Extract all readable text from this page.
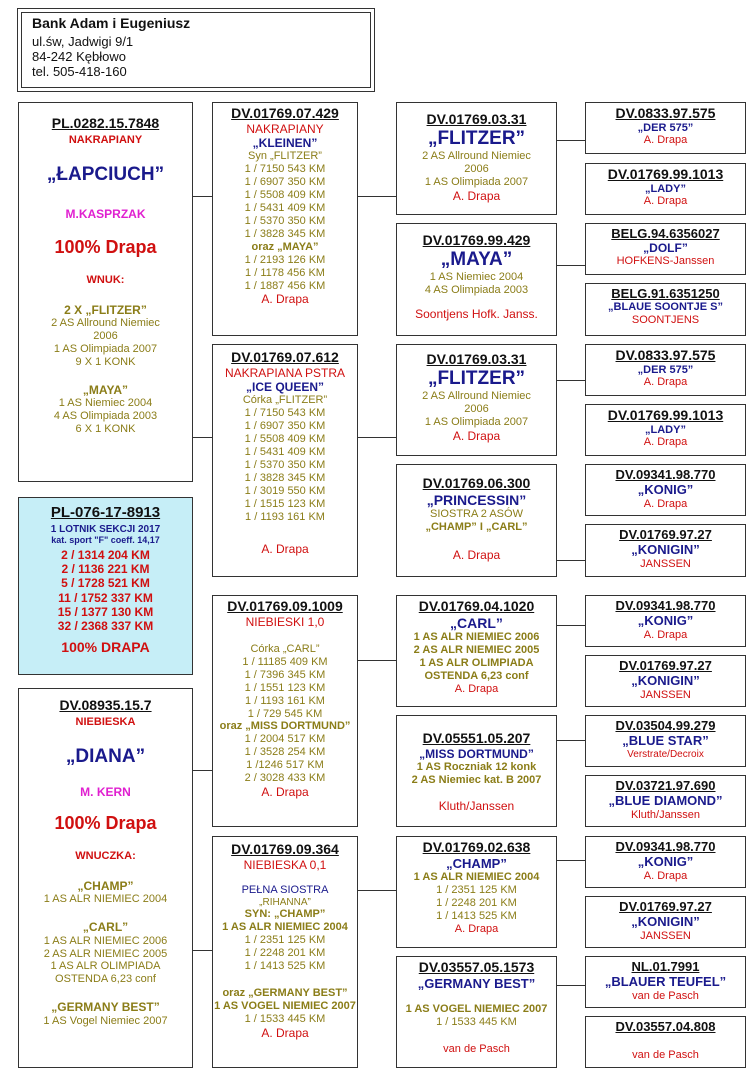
Bank Adam i Eugeniusz
ul.św, Jadwigi 9/1
84-242 Kębłowo
tel. 505-418-160
PL.0282.15.7848
NAKRAPIANY
„ŁAPCIUCH”
M.KASPRZAK
100% Drapa
WNUK:
2 X „FLITZER”
2 AS Allround Niemiec
2006
1 AS Olimpiada 2007
9 X 1 KONK
„MAYA”
1 AS Niemiec 2004
4 AS Olimpiada 2003
6 X 1 KONK
PL-076-17-8913
1 LOTNIK SEKCJI 2017
kat. sport "F" coeff. 14,17
2 / 1314 204 KM
2 / 1136 221 KM
5 / 1728 521 KM
11 / 1752 337 KM
15 / 1377 130 KM
32 / 2368 337 KM
100% DRAPA
DV.08935.15.7
NIEBIESKA
„DIANA”
M. KERN
100% Drapa
WNUCZKA:
„CHAMP”
1 AS ALR NIEMIEC 2004
„CARL”
1 AS ALR NIEMIEC 2006
2 AS ALR NIEMIEC 2005
1 AS ALR OLIMPIADA
OSTENDA 6,23 conf
„GERMANY BEST”
1 AS Vogel Niemiec 2007
DV.01769.07.429
NAKRAPIANY
„KLEINEN”
Syn „FLITZER”
1 / 7150 543 KM
1 / 6907 350 KM
1 / 5508 409 KM
1 / 5431 409 KM
1 / 5370 350 KM
1 / 3828 345 KM
oraz „MAYA”
1 / 2193 126 KM
1 / 1178 456 KM
1 / 1887 456 KM
A. Drapa
DV.01769.07.612
NAKRAPIANA PSTRA
„ICE QUEEN”
Córka „FLITZER”
1 / 7150 543 KM
1 / 6907 350 KM
1 / 5508 409 KM
1 / 5431 409 KM
1 / 5370 350 KM
1 / 3828 345 KM
1 / 3019 550 KM
1 / 1515 123 KM
1 / 1193 161 KM
A. Drapa
DV.01769.09.1009
NIEBIESKI 1,0
Córka „CARL”
1 / 11185 409 KM
1 / 7396 345 KM
1 / 1551 123 KM
1 / 1193 161 KM
1 / 729 545 KM
oraz „MISS DORTMUND”
1 / 2004 517 KM
1 / 3528 254 KM
1 /1246 517 KM
2 / 3028 433 KM
A. Drapa
DV.01769.09.364
NIEBIESKA 0,1
PEŁNA SIOSTRA
„RIHANNA”
SYN: „CHAMP”
1 AS ALR NIEMIEC 2004
1 / 2351 125 KM
1 / 2248 201 KM
1 / 1413 525 KM
oraz „GERMANY BEST”
1 AS VOGEL NIEMIEC 2007
1 / 1533 445 KM
A. Drapa
DV.01769.03.31
„FLITZER”
2 AS Allround Niemiec
2006
1 AS Olimpiada 2007
A. Drapa
DV.01769.99.429
„MAYA”
1 AS Niemiec 2004
4 AS Olimpiada 2003
Soontjens Hofk. Janss.
DV.01769.03.31
„FLITZER”
2 AS Allround Niemiec
2006
1 AS Olimpiada 2007
A. Drapa
DV.01769.06.300
„PRINCESSIN”
SIOSTRA 2 ASÓW
„CHAMP” I „CARL”
A. Drapa
DV.01769.04.1020
„CARL”
1 AS ALR NIEMIEC 2006
2 AS ALR NIEMIEC 2005
1 AS ALR OLIMPIADA
OSTENDA 6,23 conf
A. Drapa
DV.05551.05.207
„MISS DORTMUND”
1 AS Roczniak 12 konk
2 AS Niemiec kat. B 2007
Kluth/Janssen
DV.01769.02.638
„CHAMP”
1 AS ALR NIEMIEC 2004
1 / 2351 125 KM
1 / 2248 201 KM
1 / 1413 525 KM
A. Drapa
DV.03557.05.1573
„GERMANY BEST”
1 AS VOGEL NIEMIEC 2007
1 / 1533 445 KM
van de Pasch
DV.0833.97.575
„DER 575”
A. Drapa
DV.01769.99.1013
„LADY”
A. Drapa
BELG.94.6356027
„DOLF”
HOFKENS-Janssen
BELG.91.6351250
„BLAUE SOONTJE S”
SOONTJENS
DV.0833.97.575
„DER 575”
A. Drapa
DV.01769.99.1013
„LADY”
A. Drapa
DV.09341.98.770
„KONIG”
A. Drapa
DV.01769.97.27
„KONIGIN”
JANSSEN
DV.09341.98.770
„KONIG”
A. Drapa
DV.01769.97.27
„KONIGIN”
JANSSEN
DV.03504.99.279
„BLUE STAR”
Verstrate/Decroix
DV.03721.97.690
„BLUE DIAMOND”
Kluth/Janssen
DV.09341.98.770
„KONIG”
A. Drapa
DV.01769.97.27
„KONIGIN”
JANSSEN
NL.01.7991
„BLAUER TEUFEL”
van de Pasch
DV.03557.04.808
van de Pasch
